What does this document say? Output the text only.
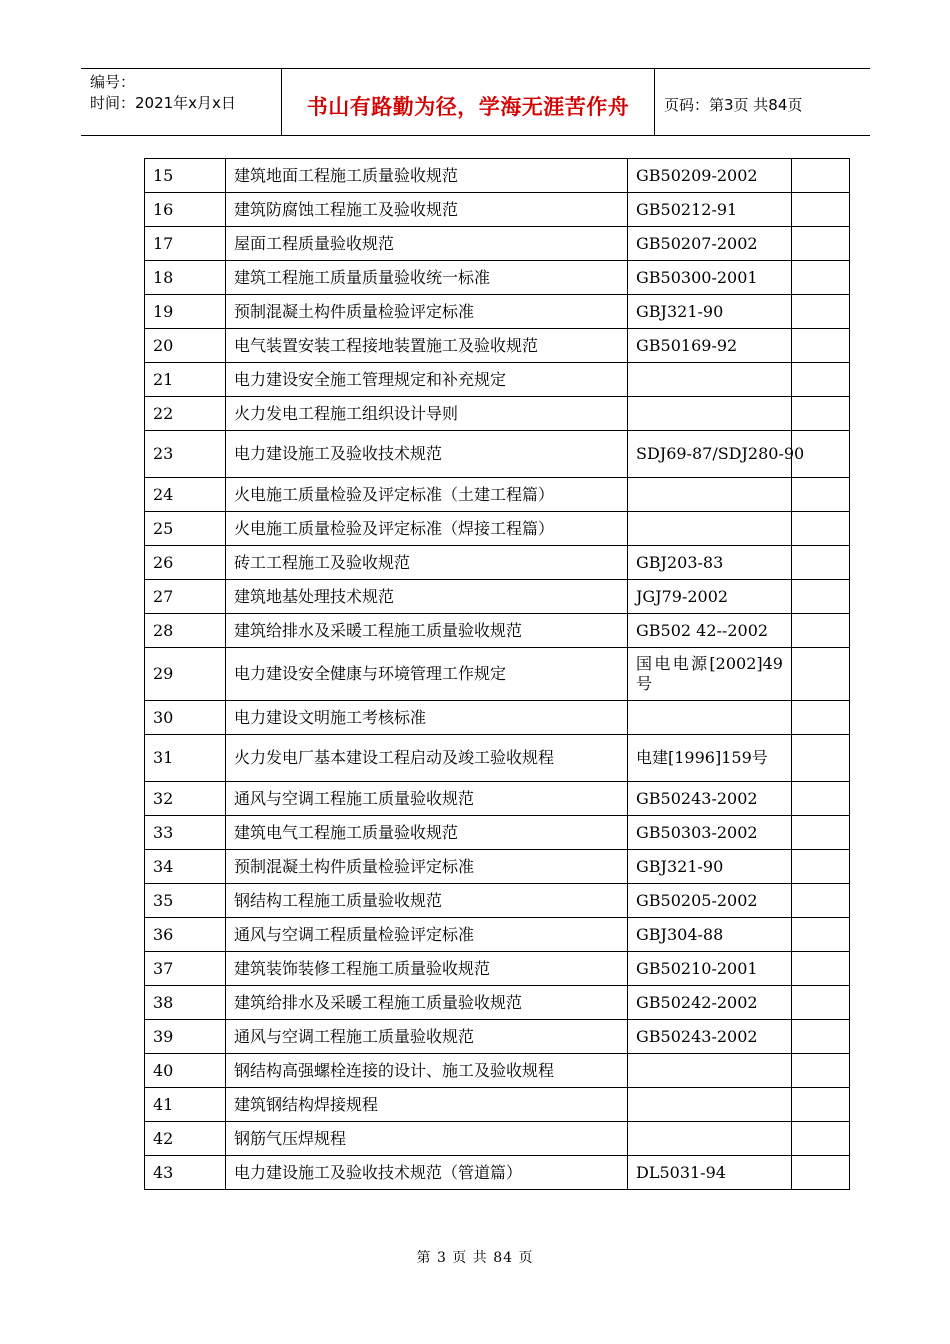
编号：
时间：2021年x月x日	书山有路勤为径，学海无涯苦作舟	页码：第3页 共84页
15	建筑地面工程施工质量验收规范	GB50209-2002	
16	建筑防腐蚀工程施工及验收规范	GB50212-91	
17	屋面工程质量验收规范	GB50207-2002	
18	建筑工程施工质量质量验收统一标准	GB50300-2001	
19	预制混凝土构件质量检验评定标准	GBJ321-90	
20	电气装置安装工程接地装置施工及验收规范	GB50169-92	
21	电力建设安全施工管理规定和补充规定		
22	火力发电工程施工组织设计导则		
23	电力建设施工及验收技术规范	SDJ69-87/SDJ280-90	
24	火电施工质量检验及评定标准（土建工程篇）		
25	火电施工质量检验及评定标准（焊接工程篇）		
26	砖工工程施工及验收规范	GBJ203-83	
27	建筑地基处理技术规范	JGJ79-2002	
28	建筑给排水及采暖工程施工质量验收规范	GB502 42--2002	
29	电力建设安全健康与环境管理工作规定	国电电源[2002]49
号	

30	电力建设文明施工考核标准		
31	火力发电厂基本建设工程启动及竣工验收规程	电建[1996]159号	
32	通风与空调工程施工质量验收规范	GB50243-2002	
33	建筑电气工程施工质量验收规范	GB50303-2002	
34	预制混凝土构件质量检验评定标准	GBJ321-90	
35	钢结构工程施工质量验收规范	GB50205-2002	
36	通风与空调工程质量检验评定标准	GBJ304-88	
37	建筑装饰装修工程施工质量验收规范	GB50210-2001	
38	建筑给排水及采暖工程施工质量验收规范	GB50242-2002	
39	通风与空调工程施工质量验收规范	GB50243-2002	
40	钢结构高强螺栓连接的设计、施工及验收规程		
41	建筑钢结构焊接规程		
42	钢筋气压焊规程		
43	电力建设施工及验收技术规范（管道篇）	DL5031-94	
第 3 页 共 84 页
